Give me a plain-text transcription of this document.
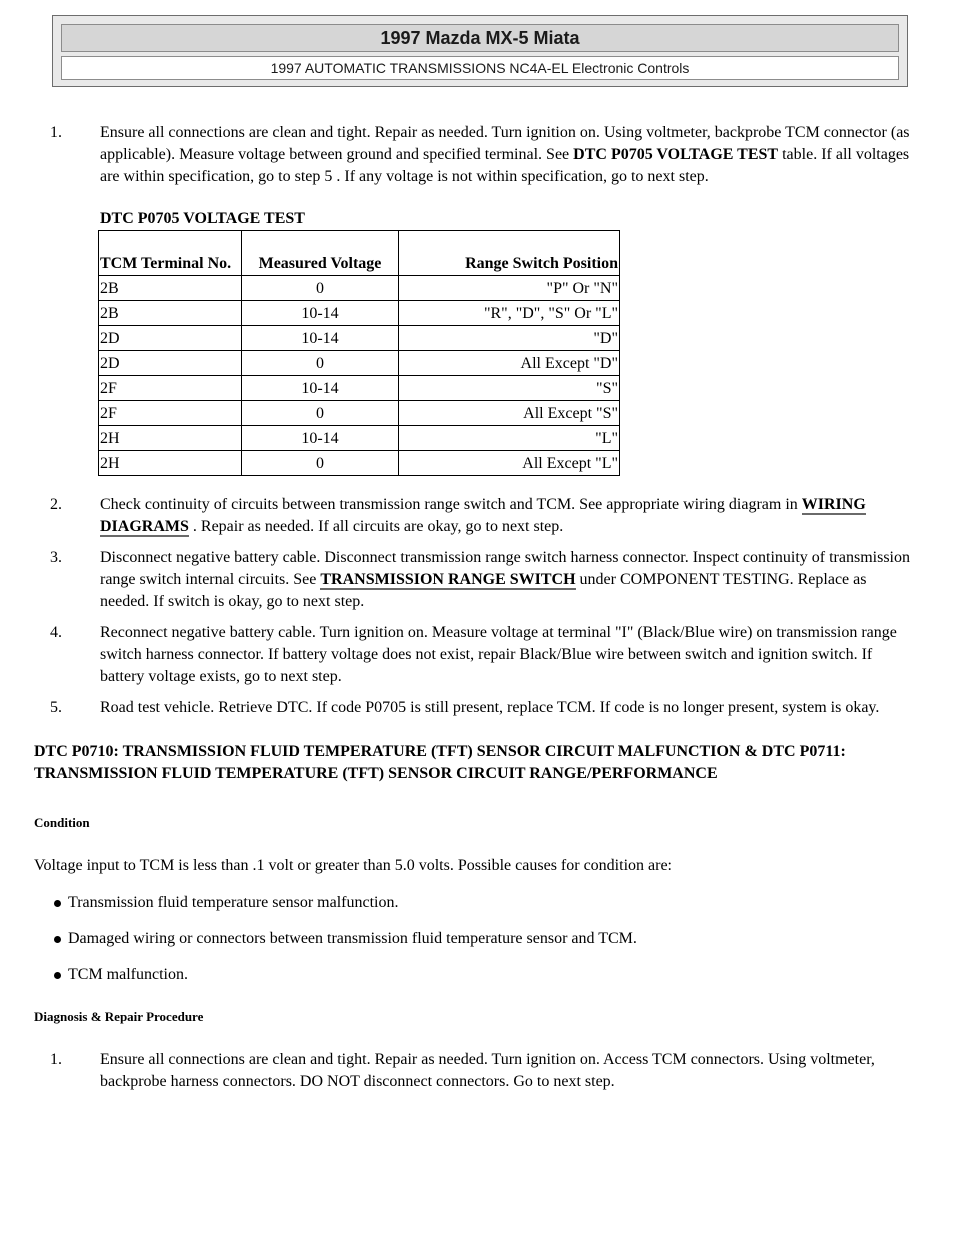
1997 Mazda MX-5 Miata
1997 AUTOMATIC TRANSMISSIONS NC4A-EL Electronic Controls
1. Ensure all connections are clean and tight. Repair as needed. Turn ignition on. Using voltmeter, backprobe TCM connector (as applicable). Measure voltage between ground and specified terminal. See DTC P0705 VOLTAGE TEST table. If all voltages are within specification, go to step 5 . If any voltage is not within specification, go to next step.
DTC P0705 VOLTAGE TEST
TCM Terminal No.	Measured Voltage	Range Switch Position
2B	0	"P" Or "N"
2B	10-14	"R", "D", "S" Or "L"
2D	10-14	"D"
2D	0	All Except "D"
2F	10-14	"S"
2F	0	All Except "S"
2H	10-14	"L"
2H	0	All Except "L"
2. Check continuity of circuits between transmission range switch and TCM. See appropriate wiring diagram in WIRING DIAGRAMS . Repair as needed. If all circuits are okay, go to next step.
3. Disconnect negative battery cable. Disconnect transmission range switch harness connector. Inspect continuity of transmission range switch internal circuits. See TRANSMISSION RANGE SWITCH under COMPONENT TESTING. Replace as needed. If switch is okay, go to next step.
4. Reconnect negative battery cable. Turn ignition on. Measure voltage at terminal "I" (Black/Blue wire) on transmission range switch harness connector. If battery voltage does not exist, repair Black/Blue wire between switch and ignition switch. If battery voltage exists, go to next step.
5. Road test vehicle. Retrieve DTC. If code P0705 is still present, replace TCM. If code is no longer present, system is okay.
DTC P0710: TRANSMISSION FLUID TEMPERATURE (TFT) SENSOR CIRCUIT MALFUNCTION & DTC P0711: TRANSMISSION FLUID TEMPERATURE (TFT) SENSOR CIRCUIT RANGE/PERFORMANCE
Condition
Voltage input to TCM is less than .1 volt or greater than 5.0 volts. Possible causes for condition are:
Transmission fluid temperature sensor malfunction.
Damaged wiring or connectors between transmission fluid temperature sensor and TCM.
TCM malfunction.
Diagnosis & Repair Procedure
1. Ensure all connections are clean and tight. Repair as needed. Turn ignition on. Access TCM connectors. Using voltmeter, backprobe harness connectors. DO NOT disconnect connectors. Go to next step.
